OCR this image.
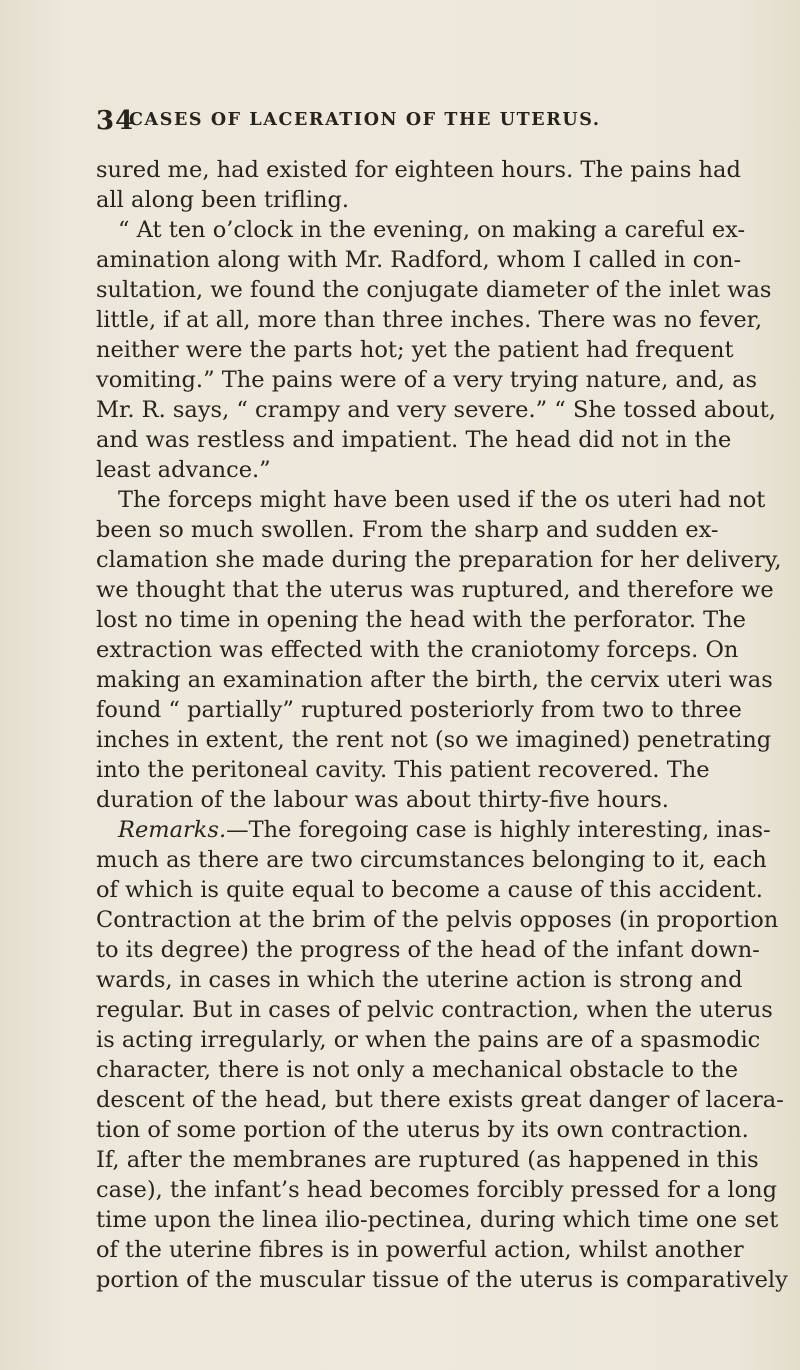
34
CASES OF LACERATION OF THE UTERUS.
sured me, had existed for eighteen hours. The pains had
all along been trifling.
“ At ten o’clock in the evening, on making a careful ex-
amination along with Mr. Radford, whom I called in con-
sultation, we found the conjugate diameter of the inlet was
little, if at all, more than three inches. There was no fever,
neither were the parts hot; yet the patient had frequent
vomiting.” The pains were of a very trying nature, and, as
Mr. R. says, “ crampy and very severe.” “ She tossed about,
and was restless and impatient. The head did not in the
least advance.”
The forceps might have been used if the os uteri had not
been so much swollen. From the sharp and sudden ex-
clamation she made during the preparation for her delivery,
we thought that the uterus was ruptured, and therefore we
lost no time in opening the head with the perforator. The
extraction was effected with the craniotomy forceps. On
making an examination after the birth, the cervix uteri was
found “ partially” ruptured posteriorly from two to three
inches in extent, the rent not (so we imagined) penetrating
into the peritoneal cavity. This patient recovered. The
duration of the labour was about thirty-five hours.
Remarks.—The foregoing case is highly interesting, inas-
much as there are two circumstances belonging to it, each
of which is quite equal to become a cause of this accident.
Contraction at the brim of the pelvis opposes (in proportion
to its degree) the progress of the head of the infant down-
wards, in cases in which the uterine action is strong and
regular. But in cases of pelvic contraction, when the uterus
is acting irregularly, or when the pains are of a spasmodic
character, there is not only a mechanical obstacle to the
descent of the head, but there exists great danger of lacera-
tion of some portion of the uterus by its own contraction.
If, after the membranes are ruptured (as happened in this
case), the infant’s head becomes forcibly pressed for a long
time upon the linea ilio-pectinea, during which time one set
of the uterine fibres is in powerful action, whilst another
portion of the muscular tissue of the uterus is comparatively
